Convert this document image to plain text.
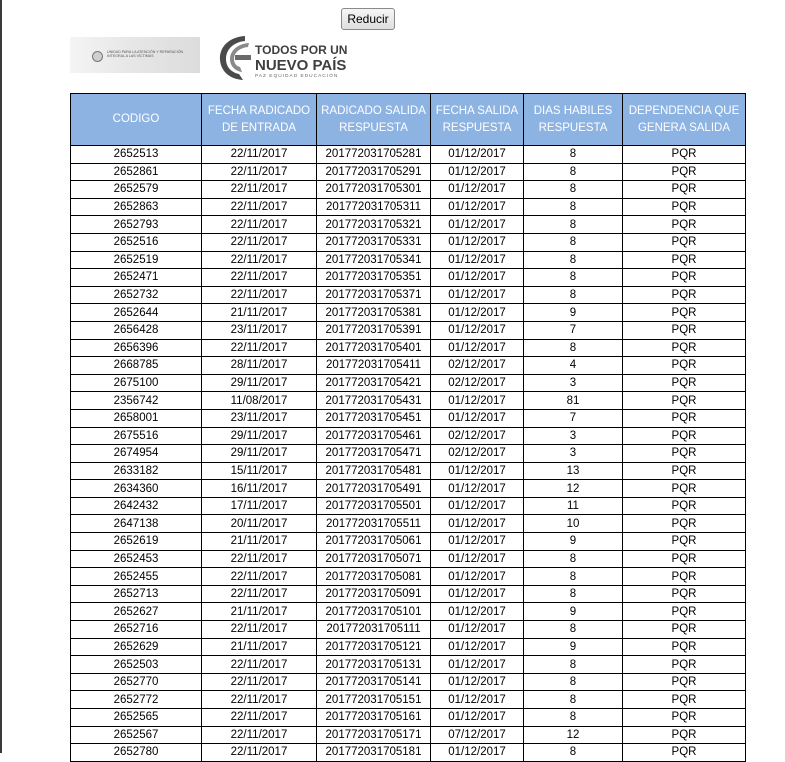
Reducir
UNIDAD PARA LA ATENCIÓN Y REPARACIÓN INTEGRAL A LAS VÍCTIMAS	TODOS POR UN
NUEVO PAÍS
PAZ EQUIDAD EDUCACIÓN
CODIGO	FECHA RADICADO DE ENTRADA	RADICADO SALIDA RESPUESTA	FECHA SALIDA RESPUESTA	DIAS HABILES RESPUESTA	DEPENDENCIA QUE GENERA SALIDA
2652513	22/11/2017	201772031705281	01/12/2017	8	PQR
2652861	22/11/2017	201772031705291	01/12/2017	8	PQR
2652579	22/11/2017	201772031705301	01/12/2017	8	PQR
2652863	22/11/2017	201772031705311	01/12/2017	8	PQR
2652793	22/11/2017	201772031705321	01/12/2017	8	PQR
2652516	22/11/2017	201772031705331	01/12/2017	8	PQR
2652519	22/11/2017	201772031705341	01/12/2017	8	PQR
2652471	22/11/2017	201772031705351	01/12/2017	8	PQR
2652732	22/11/2017	201772031705371	01/12/2017	8	PQR
2652644	21/11/2017	201772031705381	01/12/2017	9	PQR
2656428	23/11/2017	201772031705391	01/12/2017	7	PQR
2656396	22/11/2017	201772031705401	01/12/2017	8	PQR
2668785	28/11/2017	201772031705411	02/12/2017	4	PQR
2675100	29/11/2017	201772031705421	02/12/2017	3	PQR
2356742	11/08/2017	201772031705431	01/12/2017	81	PQR
2658001	23/11/2017	201772031705451	01/12/2017	7	PQR
2675516	29/11/2017	201772031705461	02/12/2017	3	PQR
2674954	29/11/2017	201772031705471	02/12/2017	3	PQR
2633182	15/11/2017	201772031705481	01/12/2017	13	PQR
2634360	16/11/2017	201772031705491	01/12/2017	12	PQR
2642432	17/11/2017	201772031705501	01/12/2017	11	PQR
2647138	20/11/2017	201772031705511	01/12/2017	10	PQR
2652619	21/11/2017	201772031705061	01/12/2017	9	PQR
2652453	22/11/2017	201772031705071	01/12/2017	8	PQR
2652455	22/11/2017	201772031705081	01/12/2017	8	PQR
2652713	22/11/2017	201772031705091	01/12/2017	8	PQR
2652627	21/11/2017	201772031705101	01/12/2017	9	PQR
2652716	22/11/2017	201772031705111	01/12/2017	8	PQR
2652629	21/11/2017	201772031705121	01/12/2017	9	PQR
2652503	22/11/2017	201772031705131	01/12/2017	8	PQR
2652770	22/11/2017	201772031705141	01/12/2017	8	PQR
2652772	22/11/2017	201772031705151	01/12/2017	8	PQR
2652565	22/11/2017	201772031705161	01/12/2017	8	PQR
2652567	22/11/2017	201772031705171	07/12/2017	12	PQR
2652780	22/11/2017	201772031705181	01/12/2017	8	PQR
